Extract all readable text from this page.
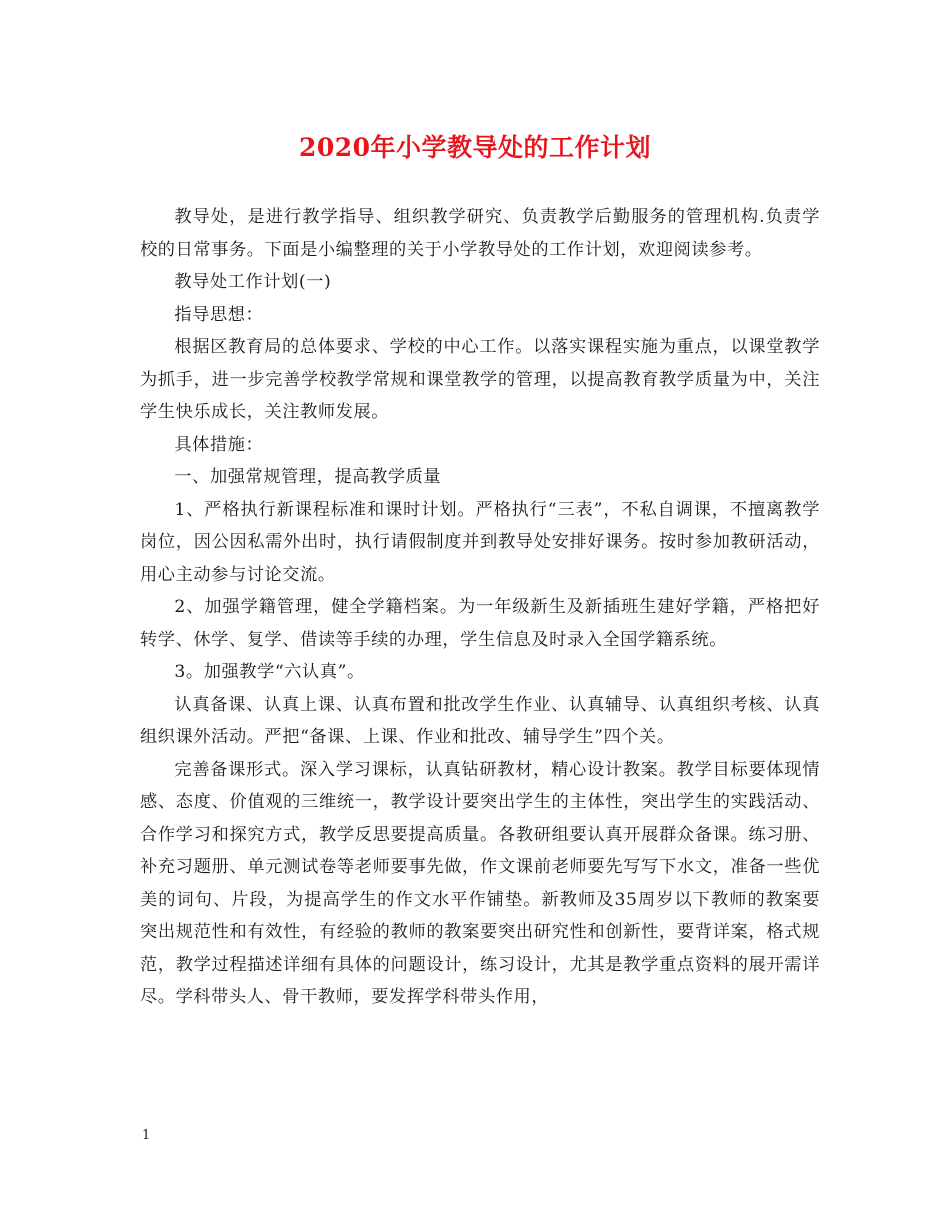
2020年小学教导处的工作计划

教导处，是进行教学指导、组织教学研究、负责教学后勤服务的管理机构.负责学校的日常事务。下面是小编整理的关于小学教导处的工作计划，欢迎阅读参考。

教导处工作计划(一)

指导思想：

根据区教育局的总体要求、学校的中心工作。以落实课程实施为重点，以课堂教学为抓手，进一步完善学校教学常规和课堂教学的管理，以提高教育教学质量为中，关注学生快乐成长，关注教师发展。

具体措施：

一、加强常规管理，提高教学质量

1、严格执行新课程标准和课时计划。严格执行“三表”，不私自调课，不擅离教学岗位，因公因私需外出时，执行请假制度并到教导处安排好课务。按时参加教研活动，用心主动参与讨论交流。

2、加强学籍管理，健全学籍档案。为一年级新生及新插班生建好学籍，严格把好转学、休学、复学、借读等手续的办理，学生信息及时录入全国学籍系统。

3。加强教学“六认真”。

认真备课、认真上课、认真布置和批改学生作业、认真辅导、认真组织考核、认真组织课外活动。严把“备课、上课、作业和批改、辅导学生”四个关。

完善备课形式。深入学习课标，认真钻研教材，精心设计教案。教学目标要体现情感、态度、价值观的三维统一，教学设计要突出学生的主体性，突出学生的实践活动、合作学习和探究方式，教学反思要提高质量。各教研组要认真开展群众备课。练习册、补充习题册、单元测试卷等老师要事先做，作文课前老师要先写写下水文，准备一些优美的词句、片段，为提高学生的作文水平作铺垫。新教师及35周岁以下教师的教案要突出规范性和有效性，有经验的教师的教案要突出研究性和创新性，要背详案，格式规范，教学过程描述详细有具体的问题设计，练习设计，尤其是教学重点资料的展开需详尽。学科带头人、骨干教师，要发挥学科带头作用，

1
